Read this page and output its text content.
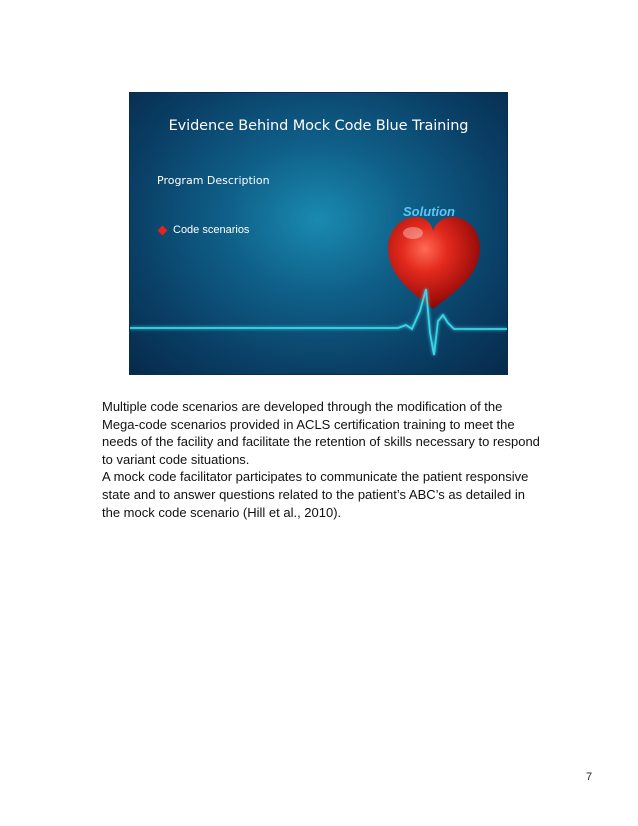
Evidence Behind Mock Code Blue Training
Program Description
Solution
Code scenarios

Multiple code scenarios are developed through the modification of the Mega-code scenarios provided in ACLS certification training to meet the needs of the facility and facilitate the retention of skills necessary to respond to variant code situations.

A mock code facilitator participates to communicate the patient responsive state and to answer questions related to the patient’s ABC’s as detailed in the mock code scenario (Hill et al., 2010).

7
